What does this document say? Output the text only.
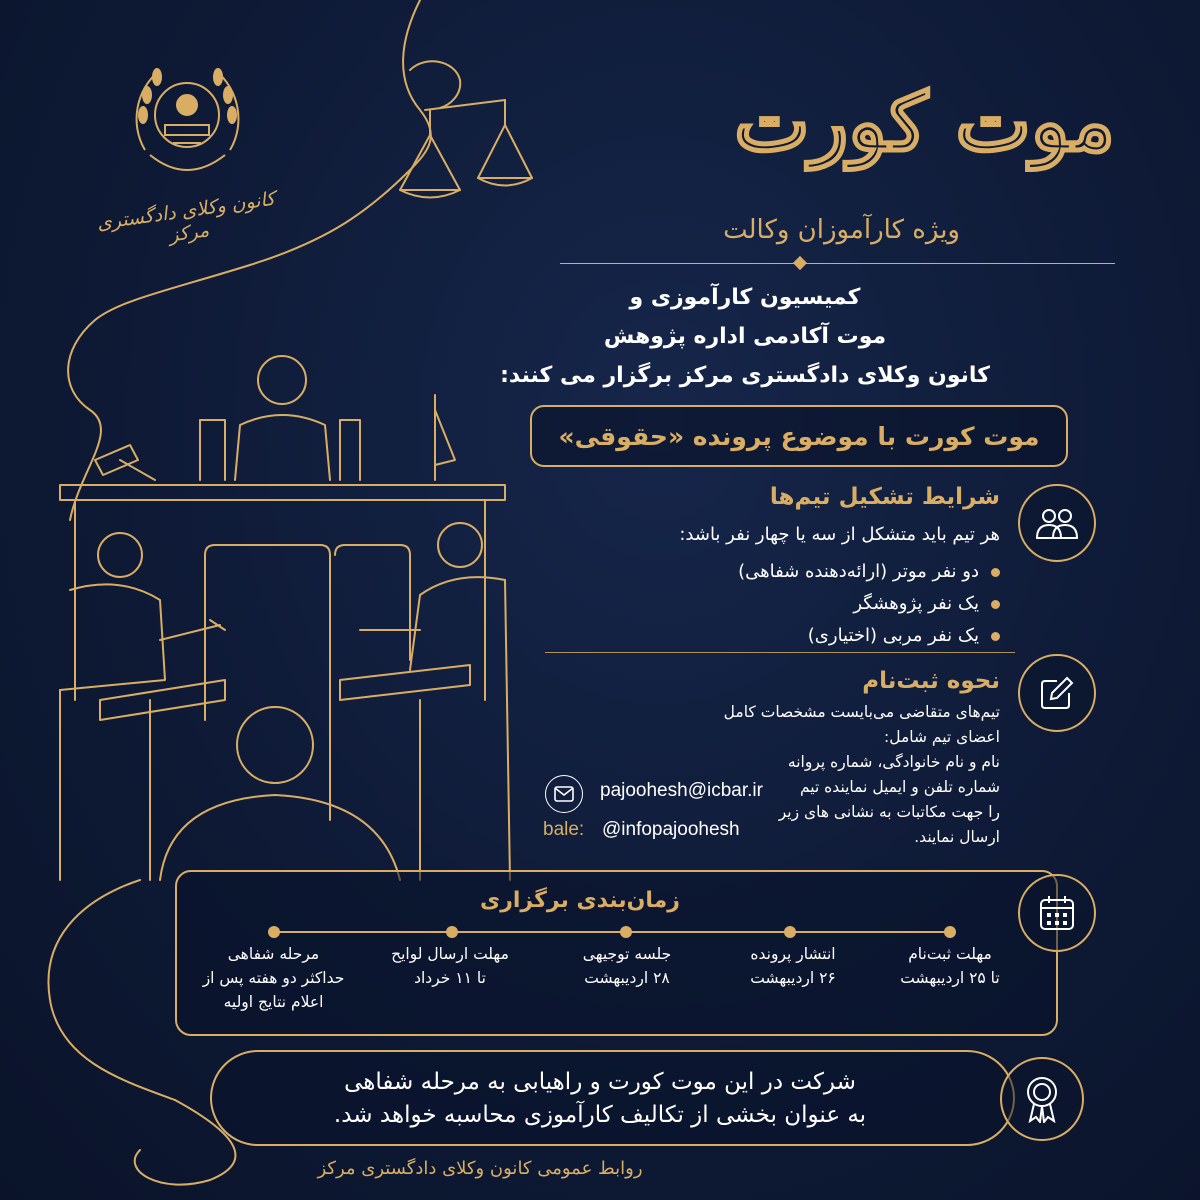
کانون وکلای دادگستری مرکز
موت کورت
ویژه کارآموزان وکالت
کمیسیون کارآموزی و
موت آکادمی اداره پژوهش
کانون وکلای دادگستری مرکز برگزار می کنند:
موت کورت با موضوع پرونده «حقوقی»
شرایط تشکیل تیم‌ها
هر تیم باید متشکل از سه یا چهار نفر باشد:
دو نفر موتر (ارائه‌دهنده شفاهی)
یک نفر پژوهشگر
یک نفر مربی (اختیاری)
نحوه ثبت‌نام
تیم‌های متقاضی می‌بایست مشخصات کامل
اعضای تیم شامل:
نام و نام خانوادگی، شماره پروانه
شماره تلفن و ایمیل نماینده تیم
را جهت مکاتبات به نشانی های زیر
ارسال نمایند.
pajoohesh@icbar.ir
bale: @infopajoohesh
زمان‌بندی برگزاری
مهلت ثبت‌نام
تا ۲۵ اردیبهشت
انتشار پرونده
۲۶ اردیبهشت
جلسه توجیهی
۲۸ اردیبهشت
مهلت ارسال لوایح
تا ۱۱ خرداد
مرحله شفاهی
حداکثر دو هفته پس از
اعلام نتایج اولیه
شرکت در این موت کورت و راهیابی به مرحله شفاهی
به عنوان بخشی از تکالیف کارآموزی محاسبه خواهد شد.
روابط عمومی کانون وکلای دادگستری مرکز
